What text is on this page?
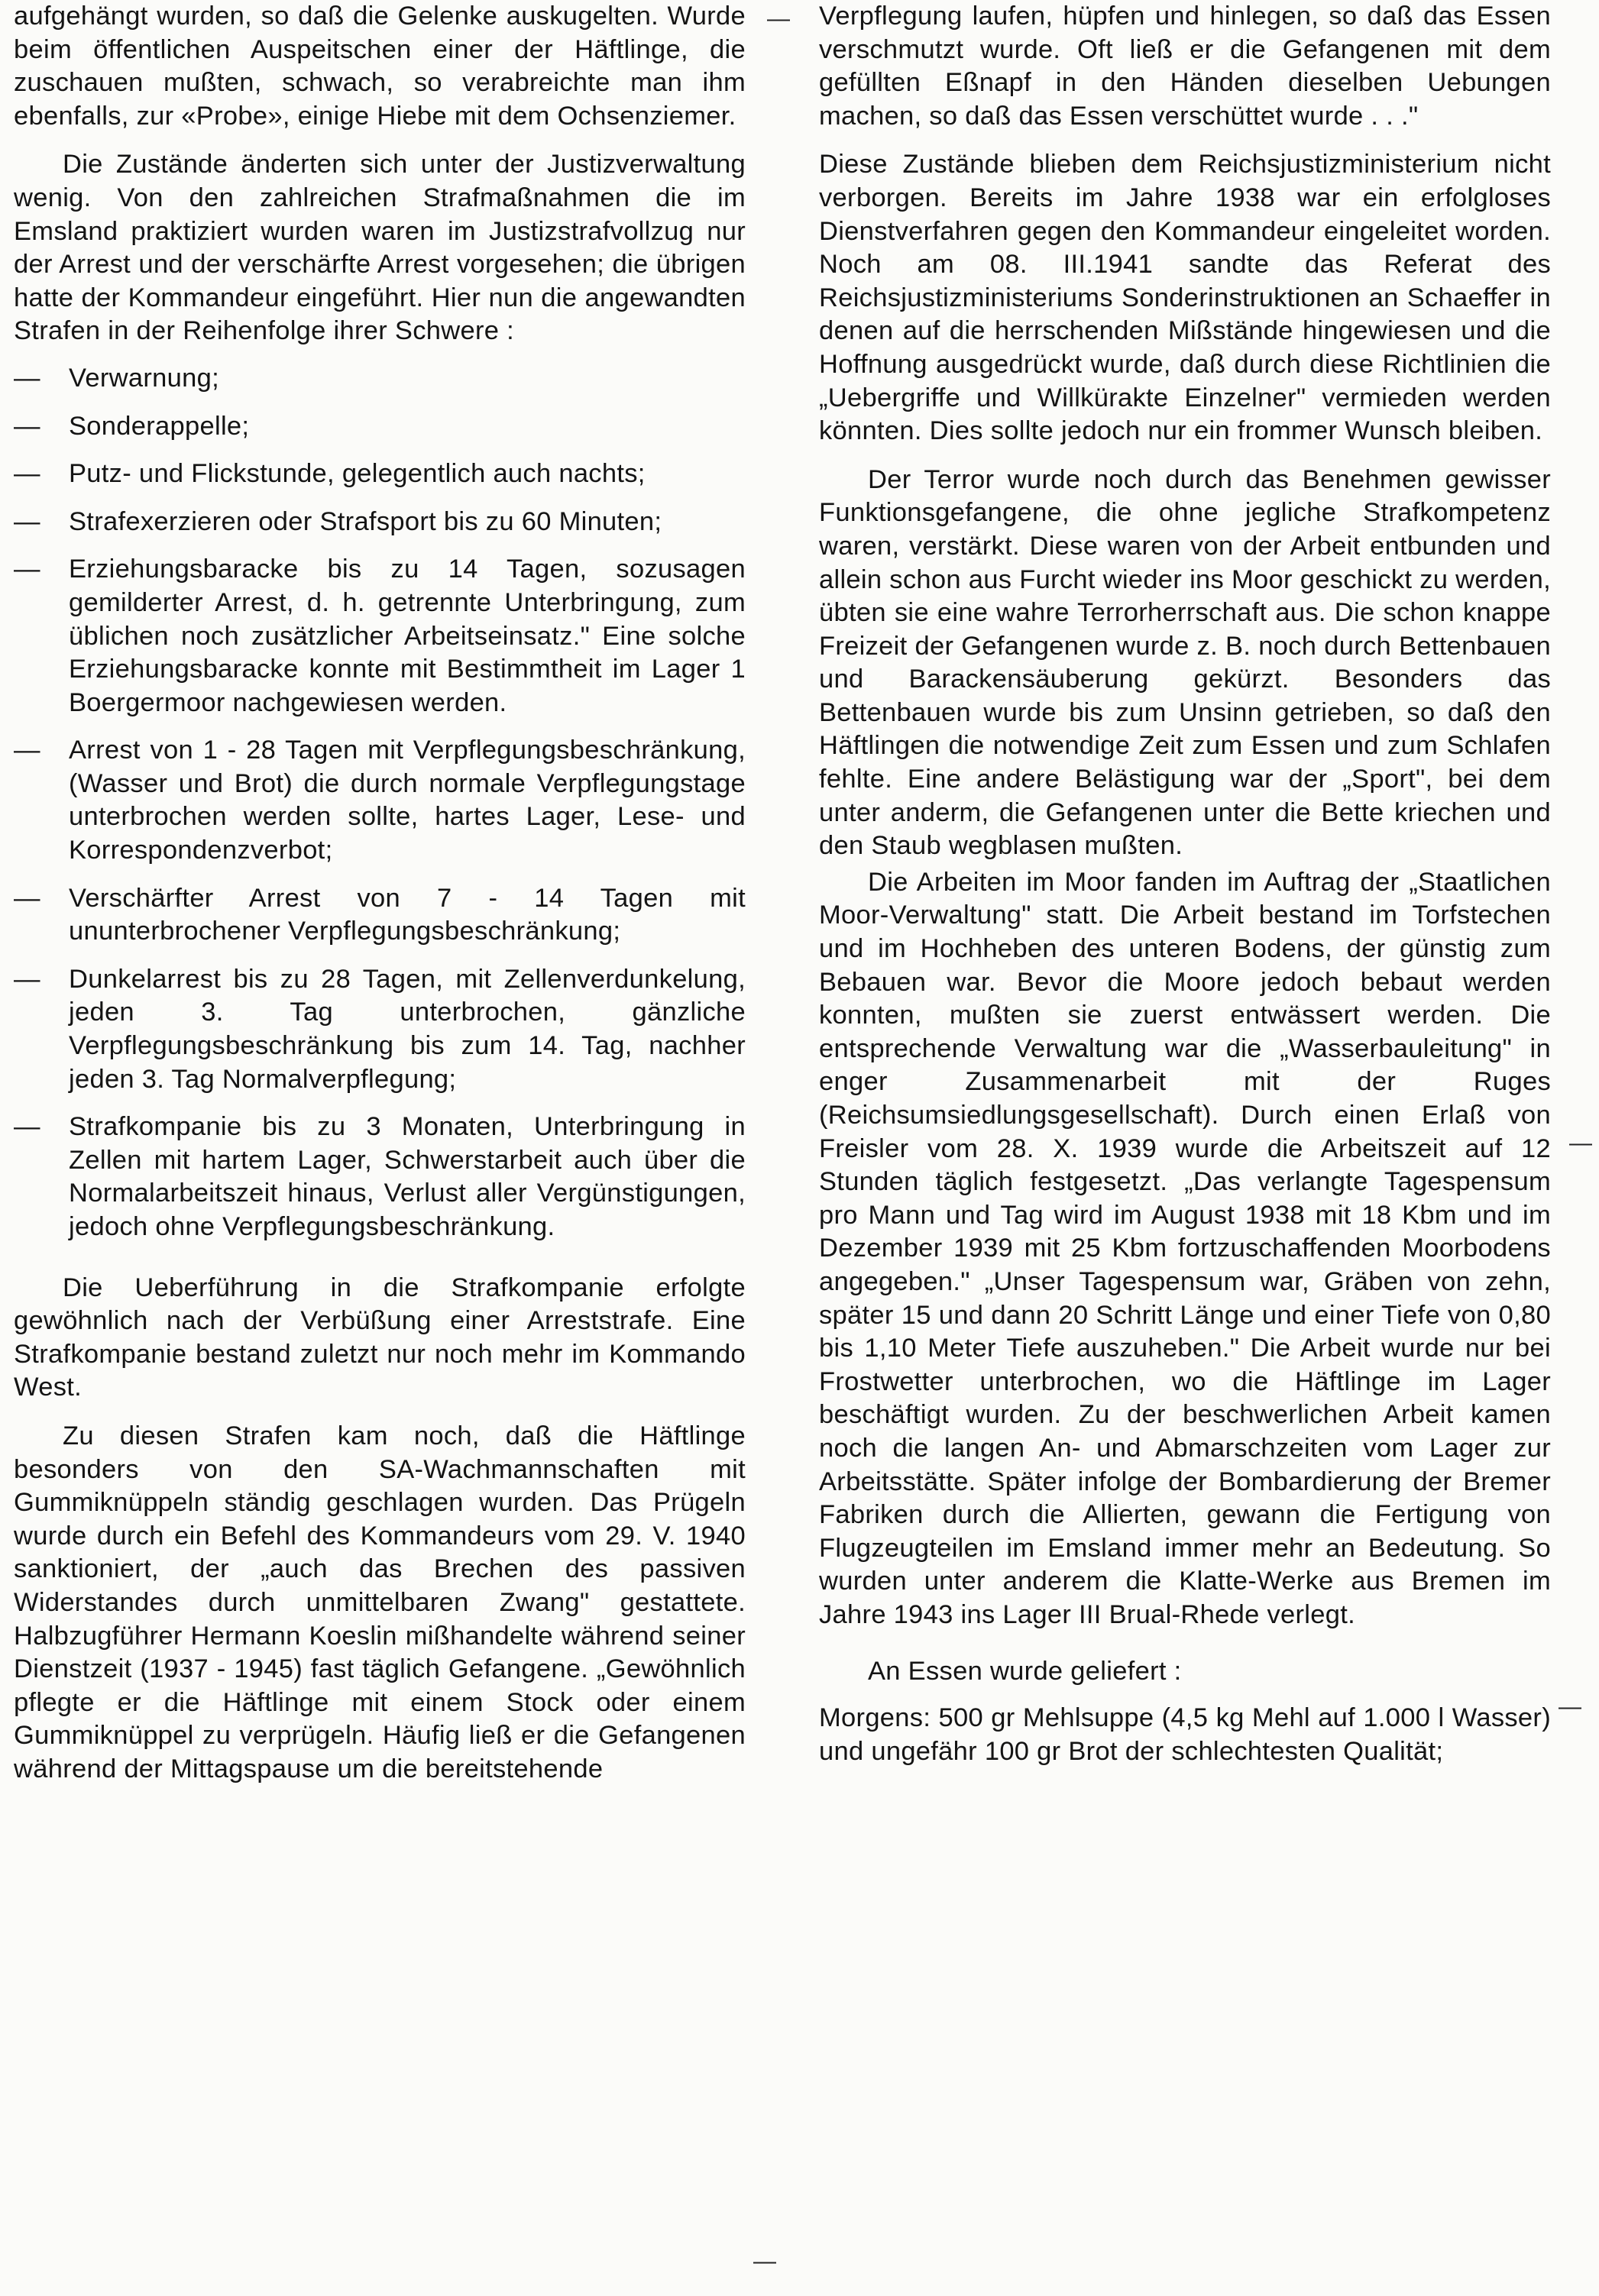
aufgehängt wurden, so daß die Gelenke auskugelten. Wurde beim öffentlichen Auspeitschen einer der Häftlinge, die zuschauen mußten, schwach, so verabreichte man ihm ebenfalls, zur «Probe», einige Hiebe mit dem Ochsenziemer.

Die Zustände änderten sich unter der Justizverwaltung wenig. Von den zahlreichen Strafmaßnahmen die im Emsland praktiziert wurden waren im Justizstrafvollzug nur der Arrest und der verschärfte Arrest vorgesehen; die übrigen hatte der Kommandeur eingeführt. Hier nun die angewandten Strafen in der Reihenfolge ihrer Schwere :

— Verwarnung;
— Sonderappelle;
— Putz- und Flickstunde, gelegentlich auch nachts;
— Strafexerzieren oder Strafsport bis zu 60 Minuten;
— Erziehungsbaracke bis zu 14 Tagen, sozusagen gemilderter Arrest, d. h. getrennte Unterbringung, zum üblichen noch zusätzlicher Arbeitseinsatz." Eine solche Erziehungsbaracke konnte mit Bestimmtheit im Lager 1 Boergermoor nachgewiesen werden.
— Arrest von 1 - 28 Tagen mit Verpflegungsbeschränkung, (Wasser und Brot) die durch normale Verpflegungstage unterbrochen werden sollte, hartes Lager, Lese- und Korrespondenzverbot;
— Verschärfter Arrest von 7 - 14 Tagen mit ununterbrochener Verpflegungsbeschränkung;
— Dunkelarrest bis zu 28 Tagen, mit Zellenverdunkelung, jeden 3. Tag unterbrochen, gänzliche Verpflegungsbeschränkung bis zum 14. Tag, nachher jeden 3. Tag Normalverpflegung;
— Strafkompanie bis zu 3 Monaten, Unterbringung in Zellen mit hartem Lager, Schwerstarbeit auch über die Normalarbeitszeit hinaus, Verlust aller Vergünstigungen, jedoch ohne Verpflegungsbeschränkung.

Die Ueberführung in die Strafkompanie erfolgte gewöhnlich nach der Verbüßung einer Arreststrafe. Eine Strafkompanie bestand zuletzt nur noch mehr im Kommando West.

Zu diesen Strafen kam noch, daß die Häftlinge besonders von den SA-Wachmannschaften mit Gummiknüppeln ständig geschlagen wurden. Das Prügeln wurde durch ein Befehl des Kommandeurs vom 29. V. 1940 sanktioniert, der „auch das Brechen des passiven Widerstandes durch unmittelbaren Zwang" gestattete. Halbzugführer Hermann Koeslin mißhandelte während seiner Dienstzeit (1937 - 1945) fast täglich Gefangene. „Gewöhnlich pflegte er die Häftlinge mit einem Stock oder einem Gummiknüppel zu verprügeln. Häufig ließ er die Gefangenen während der Mittagspause um die bereitstehende

Verpflegung laufen, hüpfen und hinlegen, so daß das Essen verschmutzt wurde. Oft ließ er die Gefangenen mit dem gefüllten Eßnapf in den Händen dieselben Uebungen machen, so daß das Essen verschüttet wurde . . ."

Diese Zustände blieben dem Reichsjustizministerium nicht verborgen. Bereits im Jahre 1938 war ein erfolgloses Dienstverfahren gegen den Kommandeur eingeleitet worden. Noch am 08. III.1941 sandte das Referat des Reichsjustizministeriums Sonderinstruktionen an Schaeffer in denen auf die herrschenden Mißstände hingewiesen und die Hoffnung ausgedrückt wurde, daß durch diese Richtlinien die „Uebergriffe und Willkürakte Einzelner" vermieden werden könnten. Dies sollte jedoch nur ein frommer Wunsch bleiben.

Der Terror wurde noch durch das Benehmen gewisser Funktionsgefangene, die ohne jegliche Strafkompetenz waren, verstärkt. Diese waren von der Arbeit entbunden und allein schon aus Furcht wieder ins Moor geschickt zu werden, übten sie eine wahre Terrorherrschaft aus. Die schon knappe Freizeit der Gefangenen wurde z. B. noch durch Bettenbauen und Barackensäuberung gekürzt. Besonders das Bettenbauen wurde bis zum Unsinn getrieben, so daß den Häftlingen die notwendige Zeit zum Essen und zum Schlafen fehlte. Eine andere Belästigung war der „Sport", bei dem unter anderm, die Gefangenen unter die Bette kriechen und den Staub wegblasen mußten.

Die Arbeiten im Moor fanden im Auftrag der „Staatlichen Moor-Verwaltung" statt. Die Arbeit bestand im Torfstechen und im Hochheben des unteren Bodens, der günstig zum Bebauen war. Bevor die Moore jedoch bebaut werden konnten, mußten sie zuerst entwässert werden. Die entsprechende Verwaltung war die „Wasserbauleitung" in enger Zusammenarbeit mit der Ruges (Reichsumsiedlungsgesellschaft). Durch einen Erlaß von Freisler vom 28. X. 1939 wurde die Arbeitszeit auf 12 Stunden täglich festgesetzt. „Das verlangte Tagespensum pro Mann und Tag wird im August 1938 mit 18 Kbm und im Dezember 1939 mit 25 Kbm fortzuschaffenden Moorbodens angegeben." „Unser Tagespensum war, Gräben von zehn, später 15 und dann 20 Schritt Länge und einer Tiefe von 0,80 bis 1,10 Meter Tiefe auszuheben." Die Arbeit wurde nur bei Frostwetter unterbrochen, wo die Häftlinge im Lager beschäftigt wurden. Zu der beschwerlichen Arbeit kamen noch die langen An- und Abmarschzeiten vom Lager zur Arbeitsstätte. Später infolge der Bombardierung der Bremer Fabriken durch die Allierten, gewann die Fertigung von Flugzeugteilen im Emsland immer mehr an Bedeutung. So wurden unter anderem die Klatte-Werke aus Bremen im Jahre 1943 ins Lager III Brual-Rhede verlegt.

An Essen wurde geliefert :

Morgens: 500 gr Mehlsuppe (4,5 kg Mehl auf 1.000 l Wasser) und ungefähr 100 gr Brot der schlechtesten Qualität;

—
—
—
—
